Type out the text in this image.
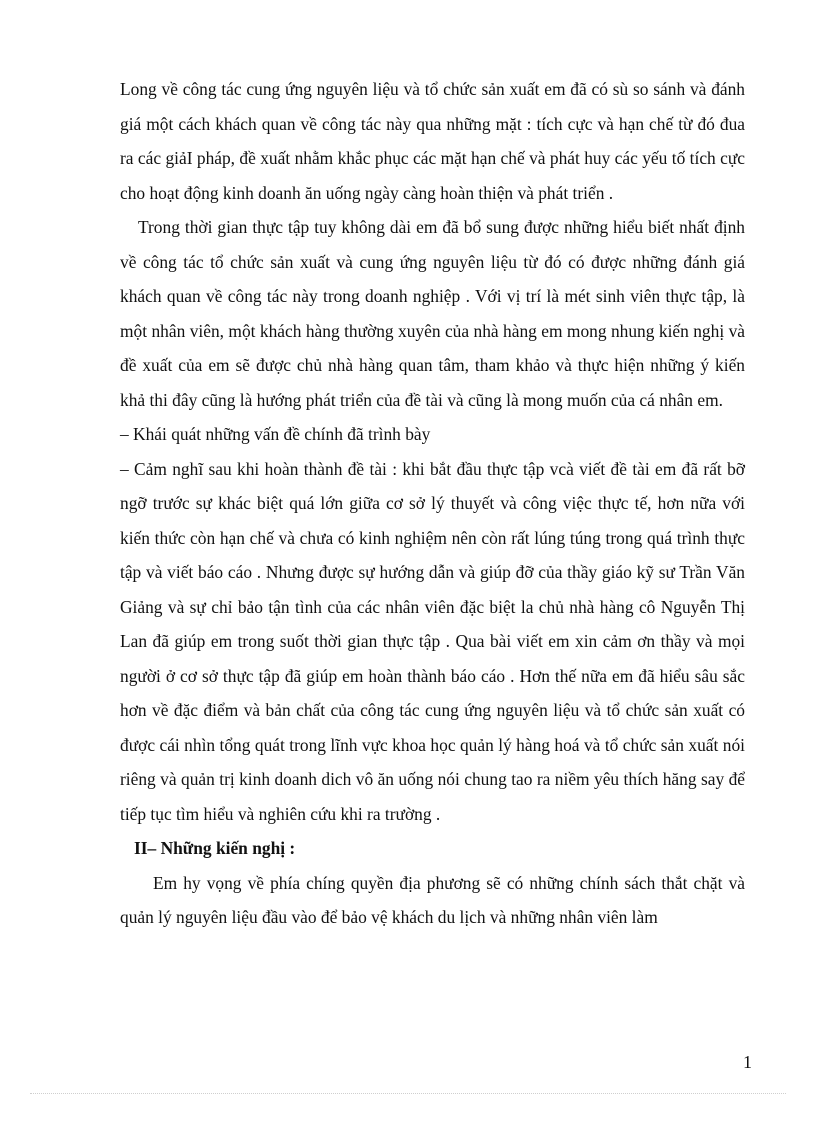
Long về công tác cung ứng nguyên liệu và tổ chức sản xuất em đã có sù so sánh và đánh giá một cách khách quan về công tác này qua những mặt : tích cực và hạn chế từ đó đua ra các giảI pháp, đề xuất nhằm khắc phục các mặt hạn chế và phát huy các yếu tố tích cực cho hoạt động kinh doanh ăn uống ngày càng hoàn thiện và phát triển .

Trong thời gian thực tập tuy không dài em đã bổ sung được những hiểu biết nhất định về công tác tổ chức sản xuất và cung ứng nguyên liệu từ đó có được những đánh giá khách quan về công tác này trong doanh nghiệp . Với vị trí là mét sinh viên thực tập, là một nhân viên, một khách hàng thường xuyên của nhà hàng em mong nhung kiến nghị và đề xuất của em sẽ được chủ nhà hàng quan tâm, tham khảo và thực hiện những ý kiến khả thi đây cũng là hướng phát triển của đề tài và cũng là mong muốn của cá nhân em.

– Khái quát những vấn đề chính đã trình bày

– Cảm nghĩ sau khi hoàn thành đề tài : khi bắt đầu thực tập vcà viết đề tài em đã rất bỡ ngỡ trước sự khác biệt quá lớn giữa cơ sở lý thuyết và công việc thực tế, hơn nữa với kiến thức còn hạn chế và chưa có kinh nghiệm nên còn rất lúng túng trong quá trình thực tập và viết báo cáo . Nhưng được sự hướng dẫn và giúp đỡ của thầy giáo kỹ sư Trần Văn Giảng và sự chỉ bảo tận tình của các nhân viên đặc biệt la chủ nhà hàng cô Nguyễn Thị Lan đã giúp em trong suốt thời gian thực tập . Qua bài viết em xin cảm ơn thầy và mọi người ở cơ sở thực tập đã giúp em hoàn thành báo cáo . Hơn thế nữa em đã hiểu sâu sắc hơn về đặc điểm và bản chất của công tác cung ứng nguyên liệu và tổ chức sản xuất có được cái nhìn tổng quát trong lĩnh vực khoa học quản lý hàng hoá và tổ chức sản xuất nói riêng và quản trị kinh doanh dich vô ăn uống nói chung tao ra niềm yêu thích hăng say để tiếp tục tìm hiểu và nghiên cứu khi ra trường .

II– Những kiến nghị :

Em hy vọng về phía chíng quyền địa phương sẽ có những chính sách thắt chặt và quản lý nguyên liệu đầu vào để bảo vệ khách du lịch và những nhân viên làm

1
